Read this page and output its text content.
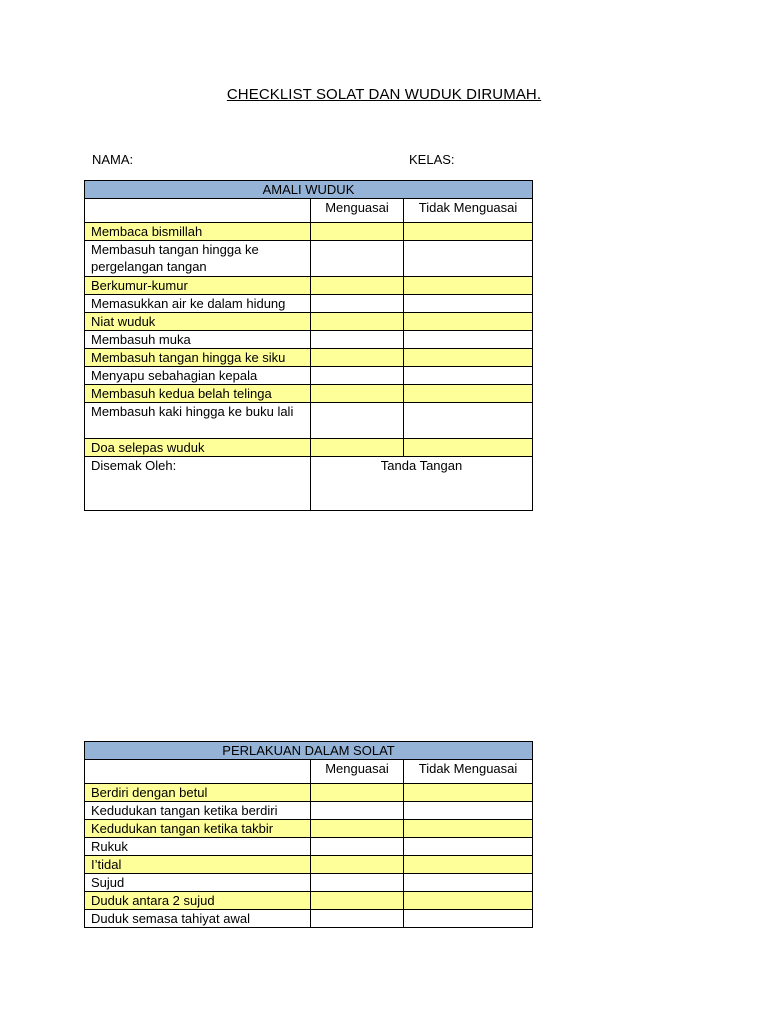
CHECKLIST SOLAT DAN WUDUK DIRUMAH.
NAMA:	KELAS:
AMALI WUDUK		
	Menguasai	Tidak Menguasai
Membaca bismillah		
Membasuh tangan hingga ke pergelangan tangan		
Berkumur-kumur		
Memasukkan air ke dalam hidung		
Niat wuduk		
Membasuh muka		
Membasuh tangan hingga ke siku		
Menyapu sebahagian kepala		
Membasuh kedua belah telinga		
Membasuh kaki hingga ke buku lali		
Doa selepas wuduk		
Disemak Oleh:	Tanda Tangan	
PERLAKUAN DALAM SOLAT		
	Menguasai	Tidak Menguasai
Berdiri dengan betul		
Kedudukan tangan ketika berdiri		
Kedudukan tangan ketika takbir		
Rukuk		
I’tidal		
Sujud		
Duduk antara 2 sujud		
Duduk semasa tahiyat awal		
